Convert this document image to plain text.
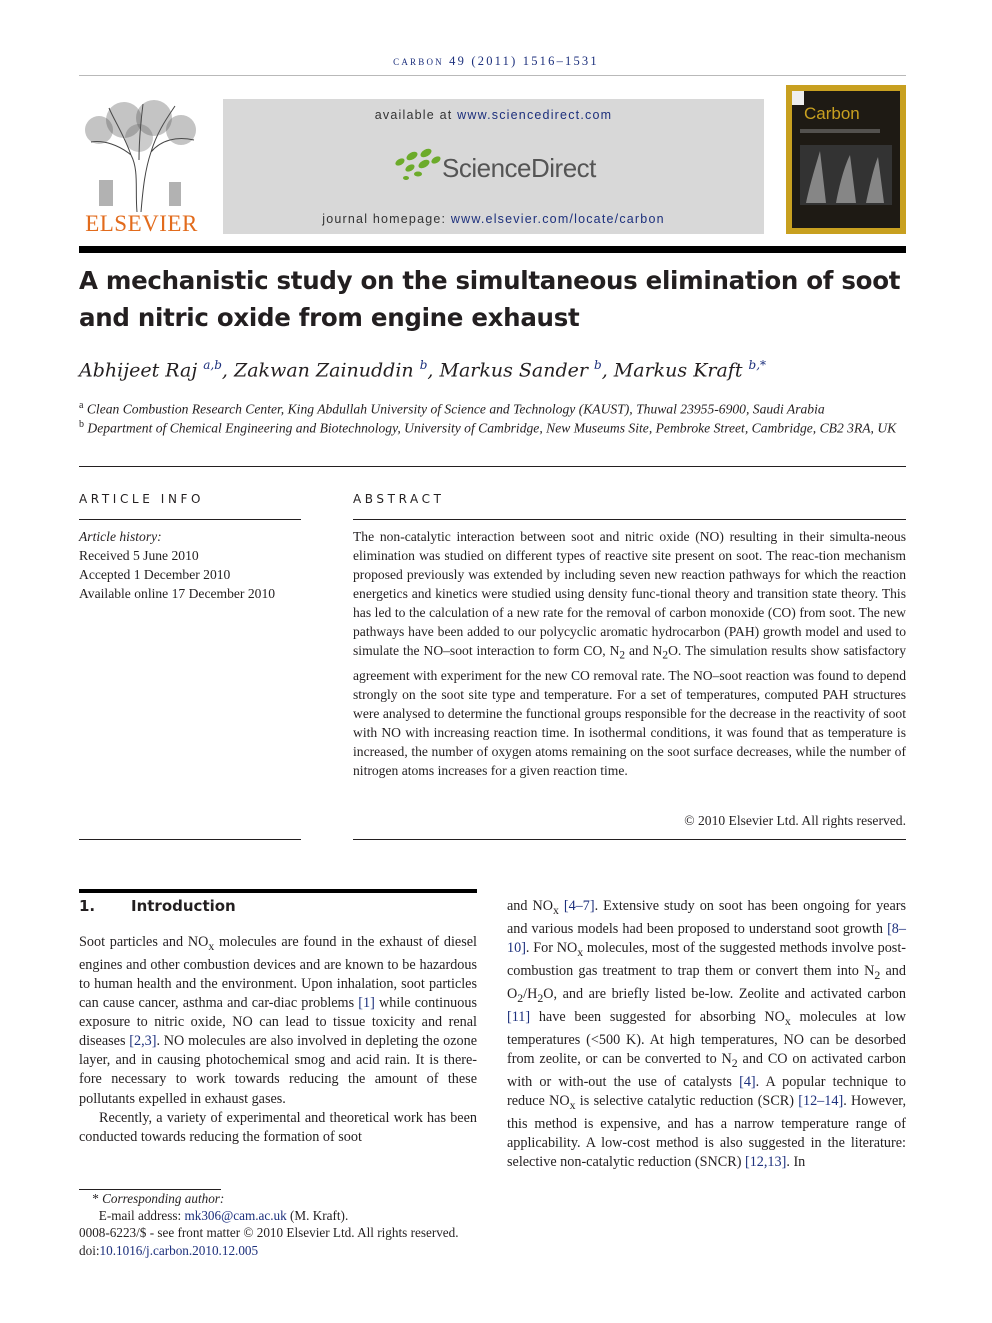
carbon 49 (2011) 1516–1531
ELSEVIER
available at www.sciencedirect.com
ScienceDirect
journal homepage: www.elsevier.com/locate/carbon
Carbon
A mechanistic study on the simultaneous elimination of soot and nitric oxide from engine exhaust
Abhijeet Raj $^{a,b}$, Zakwan Zainuddin $^b$, Markus Sander $^b$, Markus Kraft $^{b,*}$
$^a$ Clean Combustion Research Center, King Abdullah University of Science and Technology (KAUST), Thuwal 23955-6900, Saudi Arabia
$^b$ Department of Chemical Engineering and Biotechnology, University of Cambridge, New Museums Site, Pembroke Street, Cambridge, CB2 3RA, UK
ARTICLE INFO	ABSTRACT
Article history:
Received 5 June 2010
Accepted 1 December 2010
Available online 17 December 2010
The non-catalytic interaction between soot and nitric oxide (NO) resulting in their simulta-neous elimination was studied on different types of reactive site present on soot. The reac-tion mechanism proposed previously was extended by including seven new reaction pathways for which the reaction energetics and kinetics were studied using density func-tional theory and transition state theory. This has led to the calculation of a new rate for the removal of carbon monoxide (CO) from soot. The new pathways have been added to our polycyclic aromatic hydrocarbon (PAH) growth model and used to simulate the NO–soot interaction to form CO, $N_2$ and $N_2O$. The simulation results show satisfactory agreement with experiment for the new CO removal rate. The NO–soot reaction was found to depend strongly on the soot site type and temperature. For a set of temperatures, computed PAH structures were analysed to determine the functional groups responsible for the decrease in the reactivity of soot with NO with increasing reaction time. In isothermal conditions, it was found that as temperature is increased, the number of oxygen atoms remaining on the soot surface decreases, while the number of nitrogen atoms increases for a given reaction time.
© 2010 Elsevier Ltd. All rights reserved.
1. Introduction
Soot particles and $NO_x$ molecules are found in the exhaust of diesel engines and other combustion devices and are known to be hazardous to human health and the environment. Upon inhalation, soot particles can cause cancer, asthma and car-diac problems [1] while continuous exposure to nitric oxide, NO can lead to tissue toxicity and renal diseases [2,3]. NO molecules are also involved in depleting the ozone layer, and in causing photochemical smog and acid rain. It is there-fore necessary to work towards reducing the amount of these pollutants expelled in exhaust gases.
Recently, a variety of experimental and theoretical work has been conducted towards reducing the formation of soot
and $NO_x$ [4–7]. Extensive study on soot has been ongoing for years and various models had been proposed to understand soot growth [8–10]. For $NO_x$ molecules, most of the suggested methods involve post-combustion gas treatment to trap them or convert them into $N_2$ and $O_2/H_2O$, and are briefly listed be-low. Zeolite and activated carbon [11] have been suggested for absorbing $NO_x$ molecules at low temperatures (<500 K). At high temperatures, NO can be desorbed from zeolite, or can be converted to $N_2$ and CO on activated carbon with or with-out the use of catalysts [4]. A popular technique to reduce $NO_x$ is selective catalytic reduction (SCR) [12–14]. However, this method is expensive, and has a narrow temperature range of applicability. A low-cost method is also suggested in the literature: selective non-catalytic reduction (SNCR) [12,13]. In
* Corresponding author:
E-mail address: mk306@cam.ac.uk (M. Kraft).
0008-6223/$ - see front matter © 2010 Elsevier Ltd. All rights reserved.
doi:10.1016/j.carbon.2010.12.005
